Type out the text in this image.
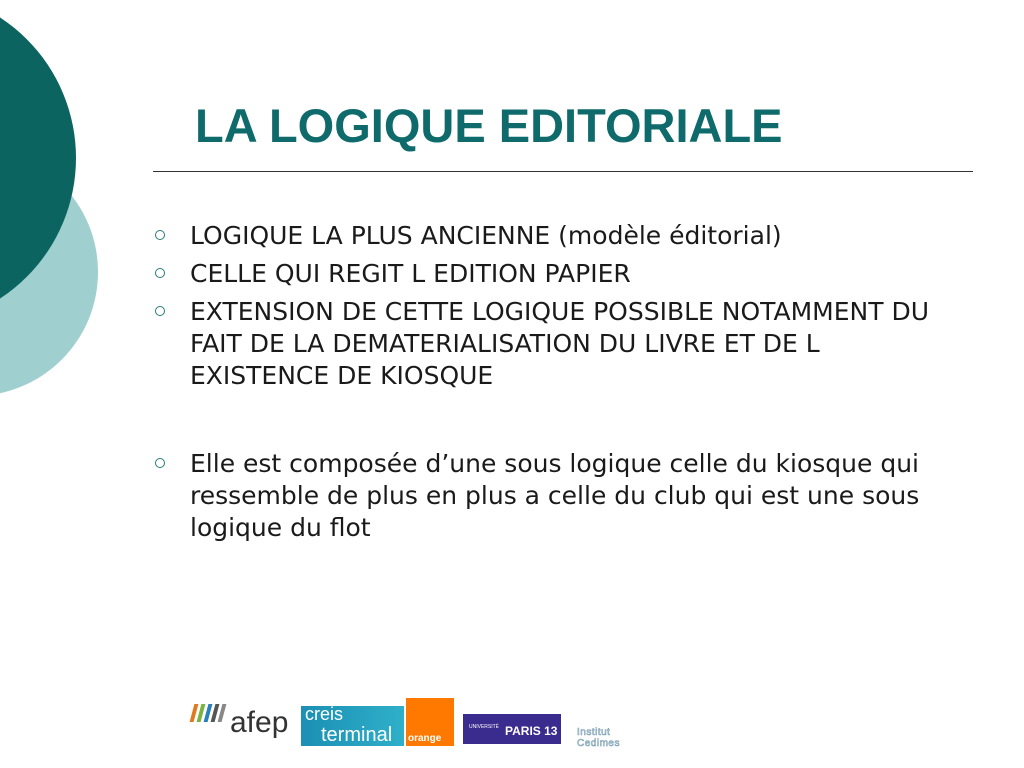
LA LOGIQUE EDITORIALE
LOGIQUE LA PLUS ANCIENNE (modèle éditorial)
CELLE QUI REGIT L EDITION PAPIER
EXTENSION DE CETTE LOGIQUE POSSIBLE NOTAMMENT DU FAIT DE LA DEMATERIALISATION DU LIVRE ET DE L EXISTENCE DE KIOSQUE
Elle est composée d’une sous logique celle du kiosque qui ressemble de plus en plus a celle du club qui est une sous logique du flot
afep creis
terminal orange
UNIVERSITÉ PARIS 13 Institut Cedimes
